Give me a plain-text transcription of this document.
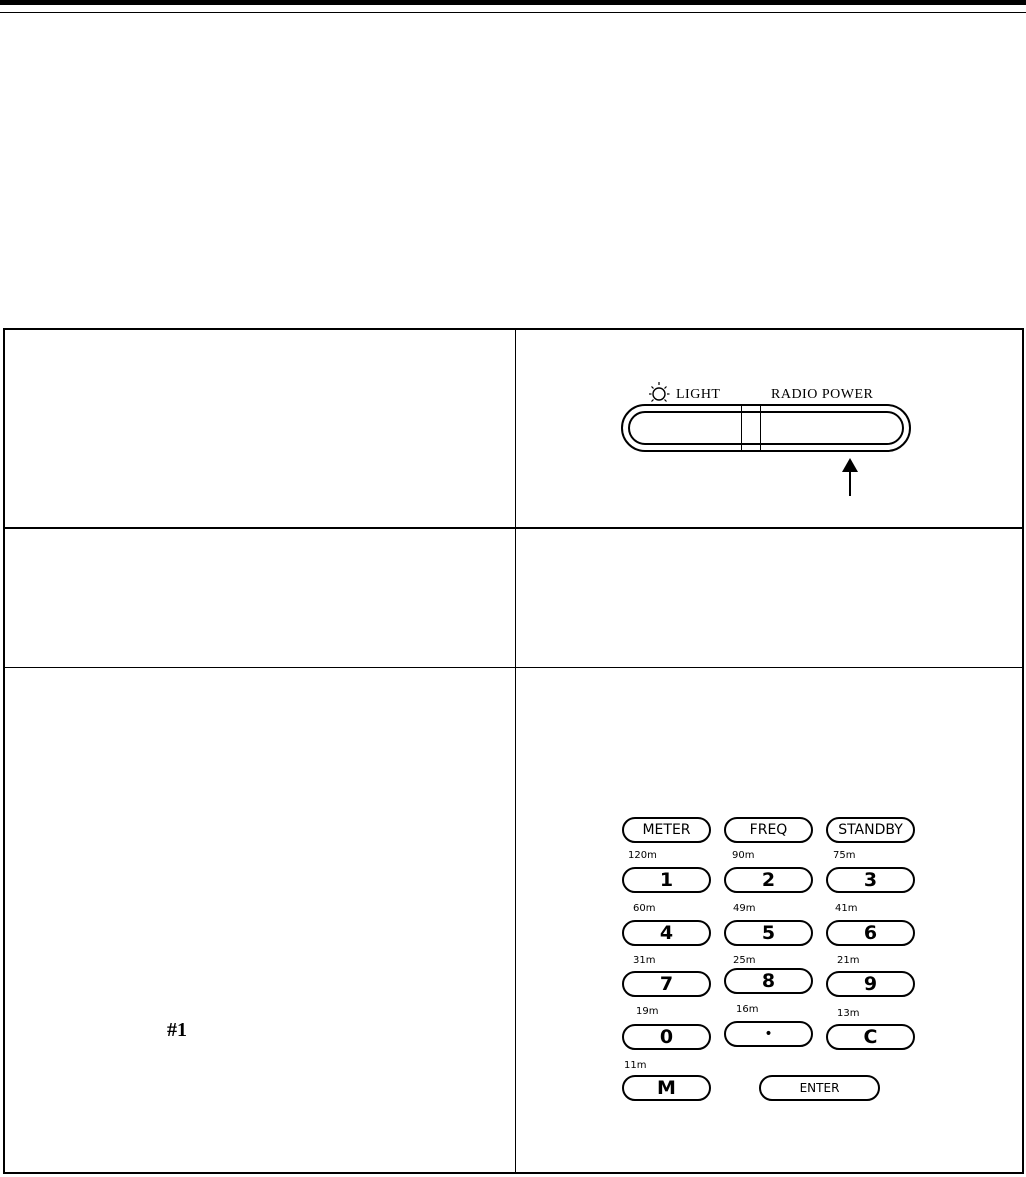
#1
LIGHT	RADIO POWER
METER	FREQ	STANDBY
120m	90m	75m
1	2	3
60m	49m	41m
4	5	6
31m	25m	21m
7	8	9
19m	16m	13m
0	•	C
11m
M	ENTER
